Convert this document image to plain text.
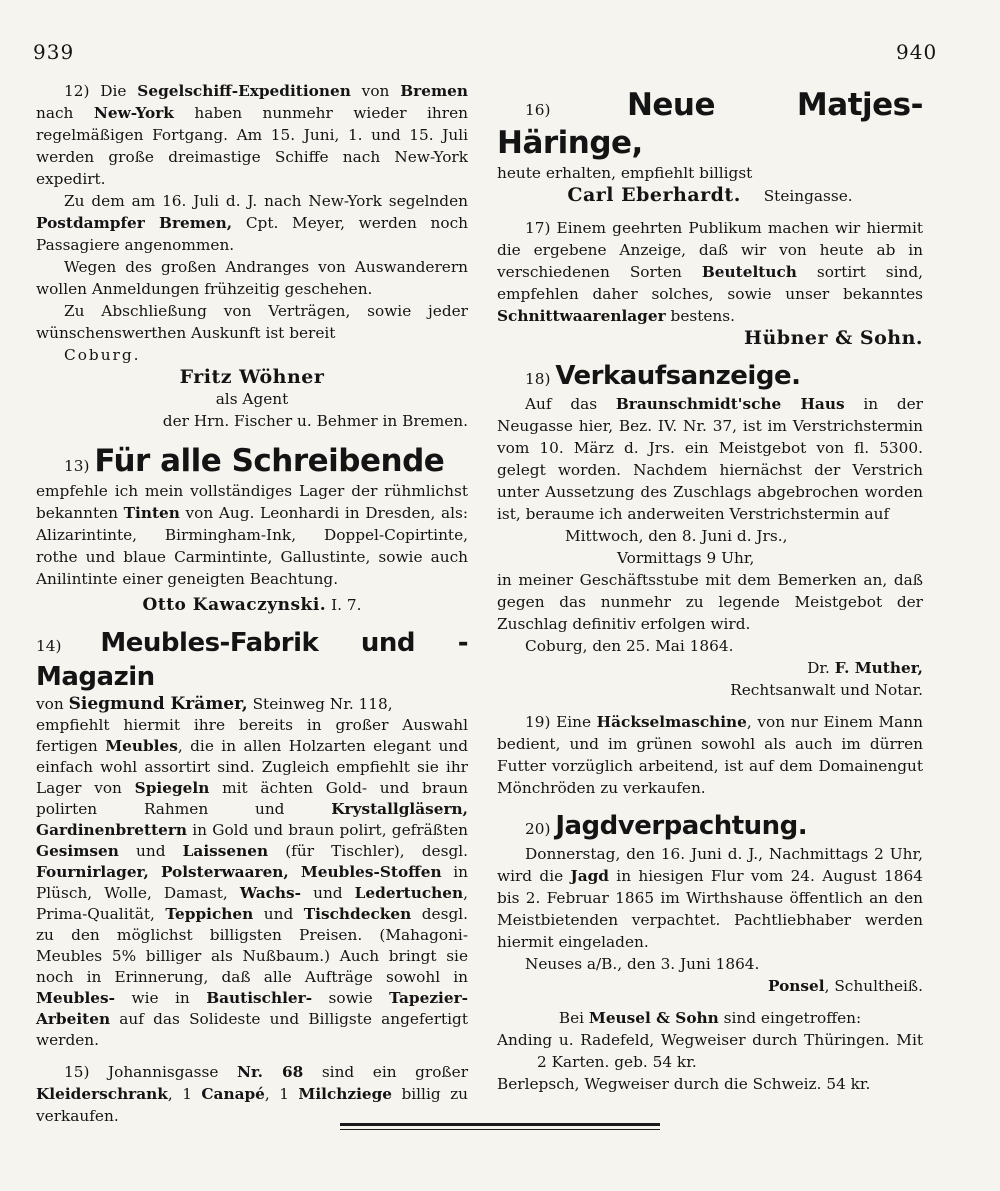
939	940

12) Die Segelschiff-Expeditionen von Bremen nach New-York haben nunmehr wieder ihren regelmäßigen Fortgang. Am 15. Juni, 1. und 15. Juli werden große dreimastige Schiffe nach New-York expedirt.

Zu dem am 16. Juli d. J. nach New-York segelnden Postdampfer Bremen, Cpt. Meyer, werden noch Passagiere angenommen.

Wegen des großen Andranges von Auswanderern wollen Anmeldungen frühzeitig geschehen.

Zu Abschließung von Verträgen, sowie jeder wünschenswerthen Auskunft ist bereit

Coburg.

Fritz Wöhner

als Agent

der Hrn. Fischer u. Behmer in Bremen.

13) Für alle Schreibende

empfehle ich mein vollständiges Lager der rühmlichst bekannten Tinten von Aug. Leonhardi in Dresden, als: Alizarintinte, Birmingham-Ink, Doppel-Copirtinte, rothe und blaue Carmintinte, Gallustinte, sowie auch Anilintinte einer geneigten Beachtung.

Otto Kawaczynski. I. 7.

14) Meubles-Fabrik und -Magazin

von Siegmund Krämer, Steinweg Nr. 118,

empfiehlt hiermit ihre bereits in großer Auswahl fertigen Meubles, die in allen Holzarten elegant und einfach wohl assortirt sind. Zugleich empfiehlt sie ihr Lager von Spiegeln mit ächten Gold- und braun polirten Rahmen und Krystallgläsern, Gardinenbrettern in Gold und braun polirt, gefräßten Gesimsen und Laissenen (für Tischler), desgl. Fournirlager, Polsterwaaren, Meubles-Stoffen in Plüsch, Wolle, Damast, Wachs- und Ledertuchen, Prima-Qualität, Teppichen und Tischdecken desgl. zu den möglichst billigsten Preisen. (Mahagoni-Meubles 5% billiger als Nußbaum.) Auch bringt sie noch in Erinnerung, daß alle Aufträge sowohl in Meubles- wie in Bautischler- sowie Tapezier-Arbeiten auf das Solideste und Billigste angefertigt werden.

15) Johannisgasse Nr. 68 sind ein großer Kleiderschrank, 1 Canapé, 1 Milchziege billig zu verkaufen.

16) Neue Matjes-Häringe,

heute erhalten, empfiehlt billigst

Carl Eberhardt. Steingasse.

17) Einem geehrten Publikum machen wir hiermit die ergebene Anzeige, daß wir von heute ab in verschiedenen Sorten Beuteltuch sortirt sind, empfehlen daher solches, sowie unser bekanntes Schnittwaarenlager bestens.

Hübner & Sohn.

18) Verkaufsanzeige.

Auf das Braunschmidt'sche Haus in der Neugasse hier, Bez. IV. Nr. 37, ist im Verstrichstermin vom 10. März d. Jrs. ein Meistgebot von fl. 5300. gelegt worden. Nachdem hiernächst der Verstrich unter Aussetzung des Zuschlags abgebrochen worden ist, beraume ich anderweiten Verstrichstermin auf

Mittwoch, den 8. Juni d. Jrs.,

Vormittags 9 Uhr,

in meiner Geschäftsstube mit dem Bemerken an, daß gegen das nunmehr zu legende Meistgebot der Zuschlag definitiv erfolgen wird.

Coburg, den 25. Mai 1864.

Dr. F. Muther,

Rechtsanwalt und Notar.

19) Eine Häckselmaschine, von nur Einem Mann bedient, und im grünen sowohl als auch im dürren Futter vorzüglich arbeitend, ist auf dem Domainengut Mönchröden zu verkaufen.

20) Jagdverpachtung.

Donnerstag, den 16. Juni d. J., Nachmittags 2 Uhr, wird die Jagd in hiesigen Flur vom 24. August 1864 bis 2. Februar 1865 im Wirthshause öffentlich an den Meistbietenden verpachtet. Pachtliebhaber werden hiermit eingeladen.

Neuses a/B., den 3. Juni 1864.

Ponsel, Schultheiß.

Bei Meusel & Sohn sind eingetroffen:

Anding u. Radefeld, Wegweiser durch Thüringen. Mit 2 Karten. geb. 54 kr.

Berlepsch, Wegweiser durch die Schweiz. 54 kr.
